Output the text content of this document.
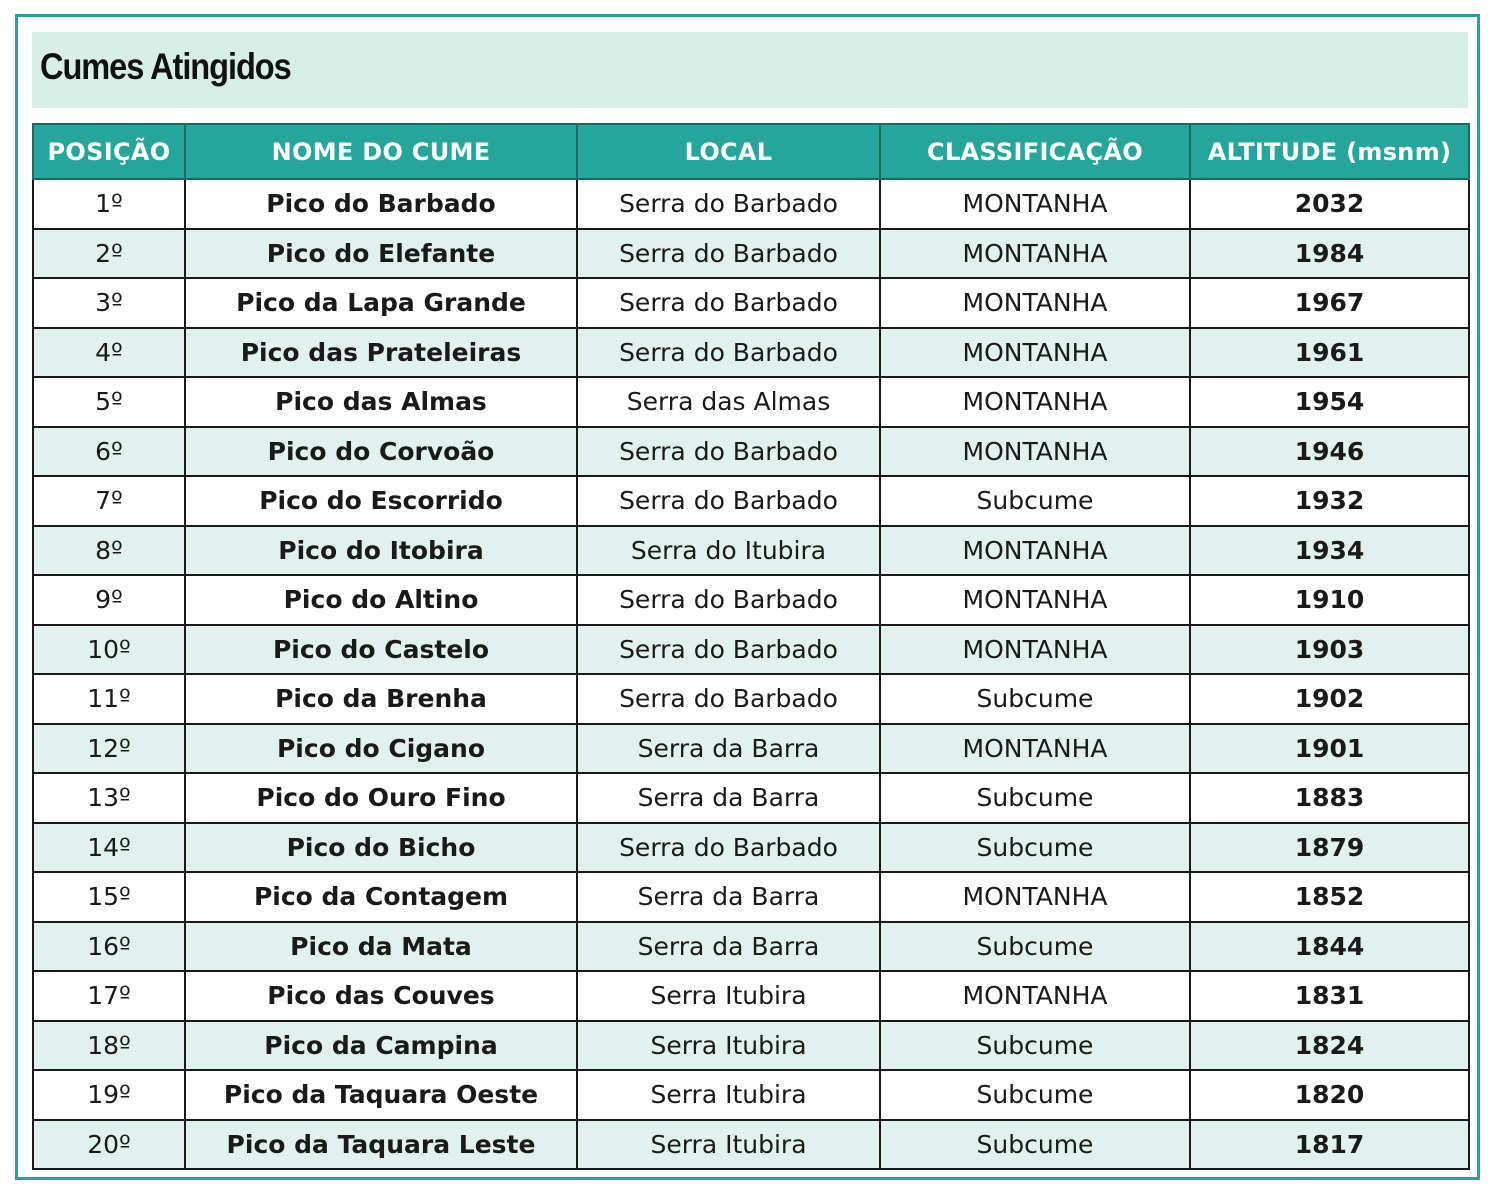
Cumes Atingidos
POSIÇÃO	NOME DO CUME	LOCAL	CLASSIFICAÇÃO	ALTITUDE (msnm)
1º	Pico do Barbado	Serra do Barbado	MONTANHA	2032
2º	Pico do Elefante	Serra do Barbado	MONTANHA	1984
3º	Pico da Lapa Grande	Serra do Barbado	MONTANHA	1967
4º	Pico das Prateleiras	Serra do Barbado	MONTANHA	1961
5º	Pico das Almas	Serra das Almas	MONTANHA	1954
6º	Pico do Corvoão	Serra do Barbado	MONTANHA	1946
7º	Pico do Escorrido	Serra do Barbado	Subcume	1932
8º	Pico do Itobira	Serra do Itubira	MONTANHA	1934
9º	Pico do Altino	Serra do Barbado	MONTANHA	1910
10º	Pico do Castelo	Serra do Barbado	MONTANHA	1903
11º	Pico da Brenha	Serra do Barbado	Subcume	1902
12º	Pico do Cigano	Serra da Barra	MONTANHA	1901
13º	Pico do Ouro Fino	Serra da Barra	Subcume	1883
14º	Pico do Bicho	Serra do Barbado	Subcume	1879
15º	Pico da Contagem	Serra da Barra	MONTANHA	1852
16º	Pico da Mata	Serra da Barra	Subcume	1844
17º	Pico das Couves	Serra Itubira	MONTANHA	1831
18º	Pico da Campina	Serra Itubira	Subcume	1824
19º	Pico da Taquara Oeste	Serra Itubira	Subcume	1820
20º	Pico da Taquara Leste	Serra Itubira	Subcume	1817
